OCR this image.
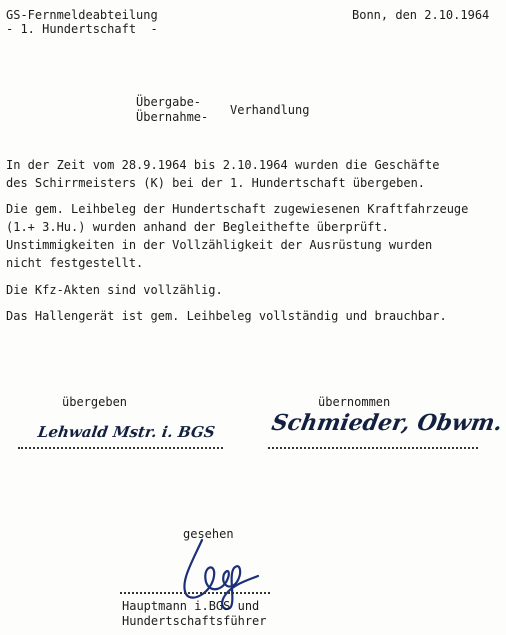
GS-Fernmeldeabteilung
- 1. Hundertschaft  -
Bonn, den 2.10.1964
Übergabe-
Übernahme- Verhandlung
In der Zeit vom 28.9.1964 bis 2.10.1964 wurden die Geschäfte
des Schirrmeisters (K) bei der 1. Hundertschaft übergeben.
Die gem. Leihbeleg der Hundertschaft zugewiesenen Kraftfahrzeuge
(1.+ 3.Hu.) wurden anhand der Begleithefte überprüft.
Unstimmigkeiten in der Vollzähligkeit der Ausrüstung wurden
nicht festgestellt.
Die Kfz-Akten sind vollzählig.
Das Hallengerät ist gem. Leihbeleg vollständig und brauchbar.
übergeben	übernommen
Lehwald Mstr. i. BGS Schmieder, Obwm.
gesehen
Hauptmann i.BGS und
Hundertschaftsführer
